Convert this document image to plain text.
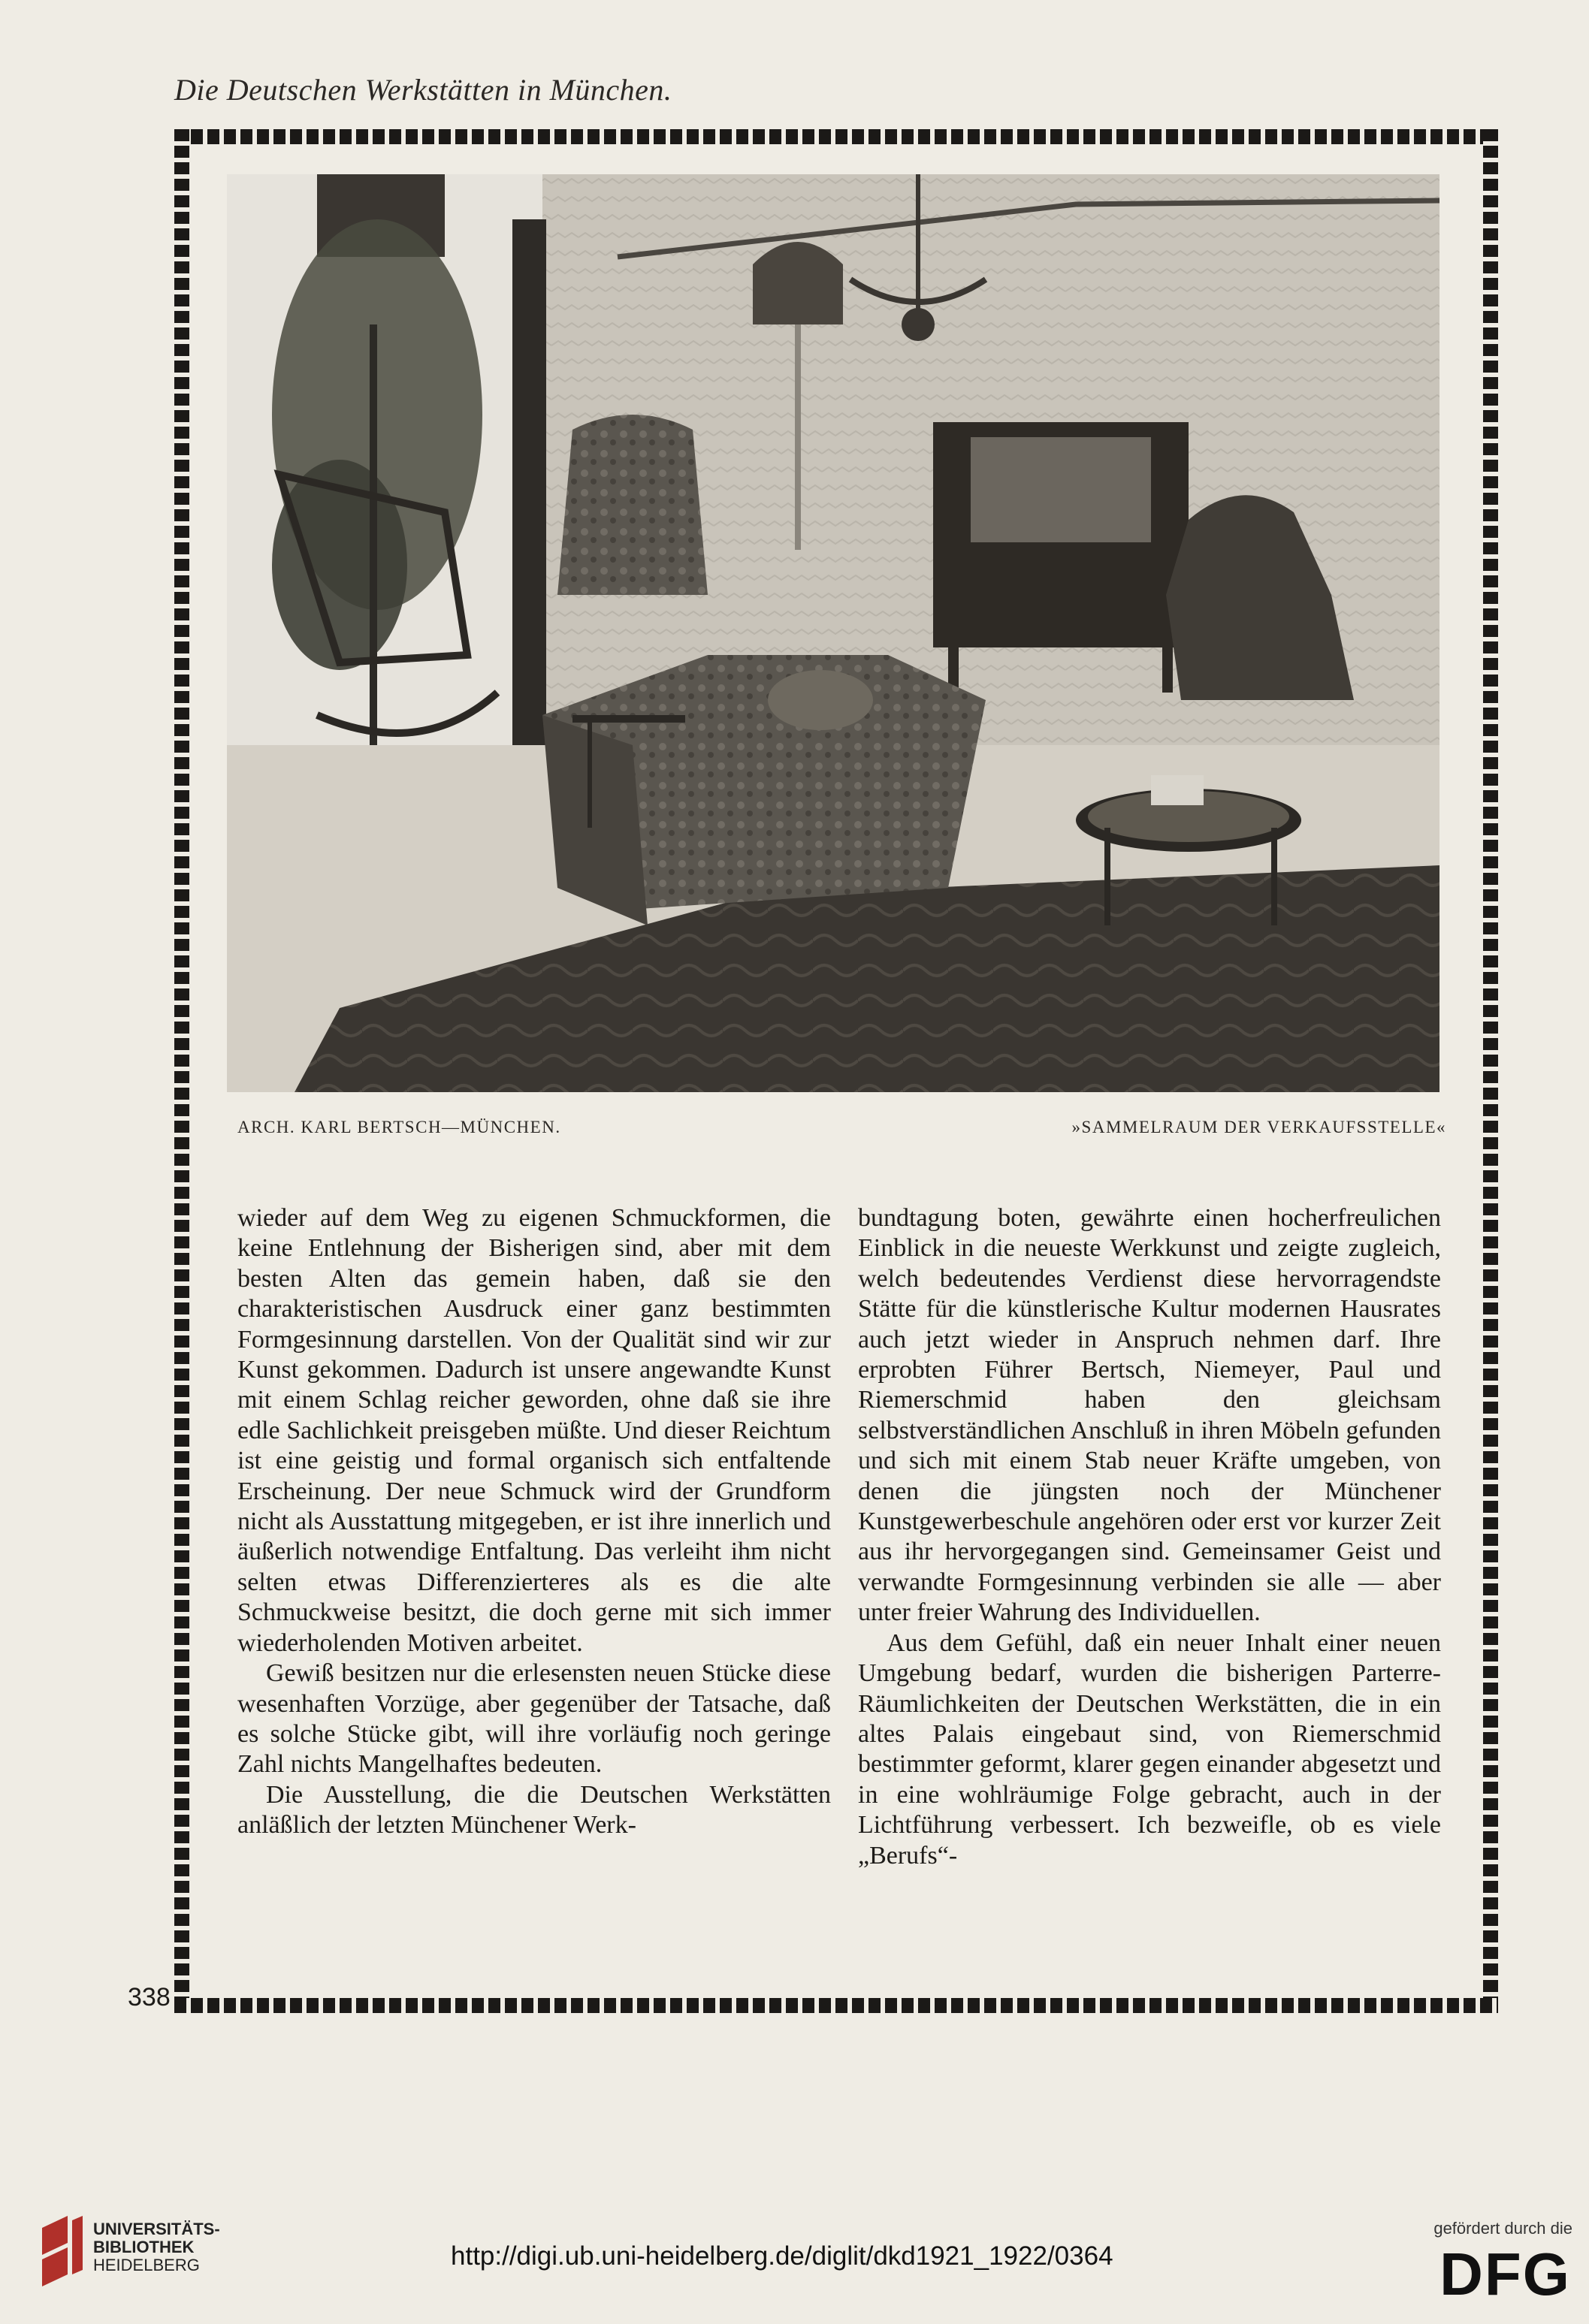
Die Deutschen Werkstätten in München.
ARCH. KARL BERTSCH—MÜNCHEN.	»SAMMELRAUM DER VERKAUFSSTELLE«

wieder auf dem Weg zu eigenen Schmuckformen, die keine Entlehnung der Bisherigen sind, aber mit dem besten Alten das gemein haben, daß sie den charakteristischen Ausdruck einer ganz bestimmten Formgesinnung darstellen. Von der Qualität sind wir zur Kunst gekommen. Dadurch ist unsere angewandte Kunst mit einem Schlag reicher geworden, ohne daß sie ihre edle Sachlichkeit preisgeben müßte. Und dieser Reichtum ist eine geistig und formal organisch sich entfaltende Erscheinung. Der neue Schmuck wird der Grundform nicht als Ausstattung mitgegeben, er ist ihre innerlich und äußerlich notwendige Entfaltung. Das verleiht ihm nicht selten etwas Differenzierteres als es die alte Schmuckweise besitzt, die doch gerne mit sich immer wiederholenden Motiven arbeitet.

Gewiß besitzen nur die erlesensten neuen Stücke diese wesenhaften Vorzüge, aber gegenüber der Tatsache, daß es solche Stücke gibt, will ihre vorläufig noch geringe Zahl nichts Mangelhaftes bedeuten.

Die Ausstellung, die die Deutschen Werkstätten anläßlich der letzten Münchener Werk-

bundtagung boten, gewährte einen hocherfreulichen Einblick in die neueste Werkkunst und zeigte zugleich, welch bedeutendes Verdienst diese hervorragendste Stätte für die künstlerische Kultur modernen Hausrates auch jetzt wieder in Anspruch nehmen darf. Ihre erprobten Führer Bertsch, Niemeyer, Paul und Riemerschmid haben den gleichsam selbstverständlichen Anschluß in ihren Möbeln gefunden und sich mit einem Stab neuer Kräfte umgeben, von denen die jüngsten noch der Münchener Kunstgewerbeschule angehören oder erst vor kurzer Zeit aus ihr hervorgegangen sind. Gemeinsamer Geist und verwandte Formgesinnung verbinden sie alle — aber unter freier Wahrung des Individuellen.

Aus dem Gefühl, daß ein neuer Inhalt einer neuen Umgebung bedarf, wurden die bisherigen Parterre-Räumlichkeiten der Deutschen Werkstätten, die in ein altes Palais eingebaut sind, von Riemerschmid bestimmter geformt, klarer gegen einander abgesetzt und in eine wohlräumige Folge gebracht, auch in der Lichtführung verbessert. Ich bezweifle, ob es viele „Berufs“-

338
UNIVERSITÄTS-
BIBLIOTHEK
HEIDELBERG	http://digi.ub.uni-heidelberg.de/diglit/dkd1921_1922/0364
gefördert durch die
DFG
